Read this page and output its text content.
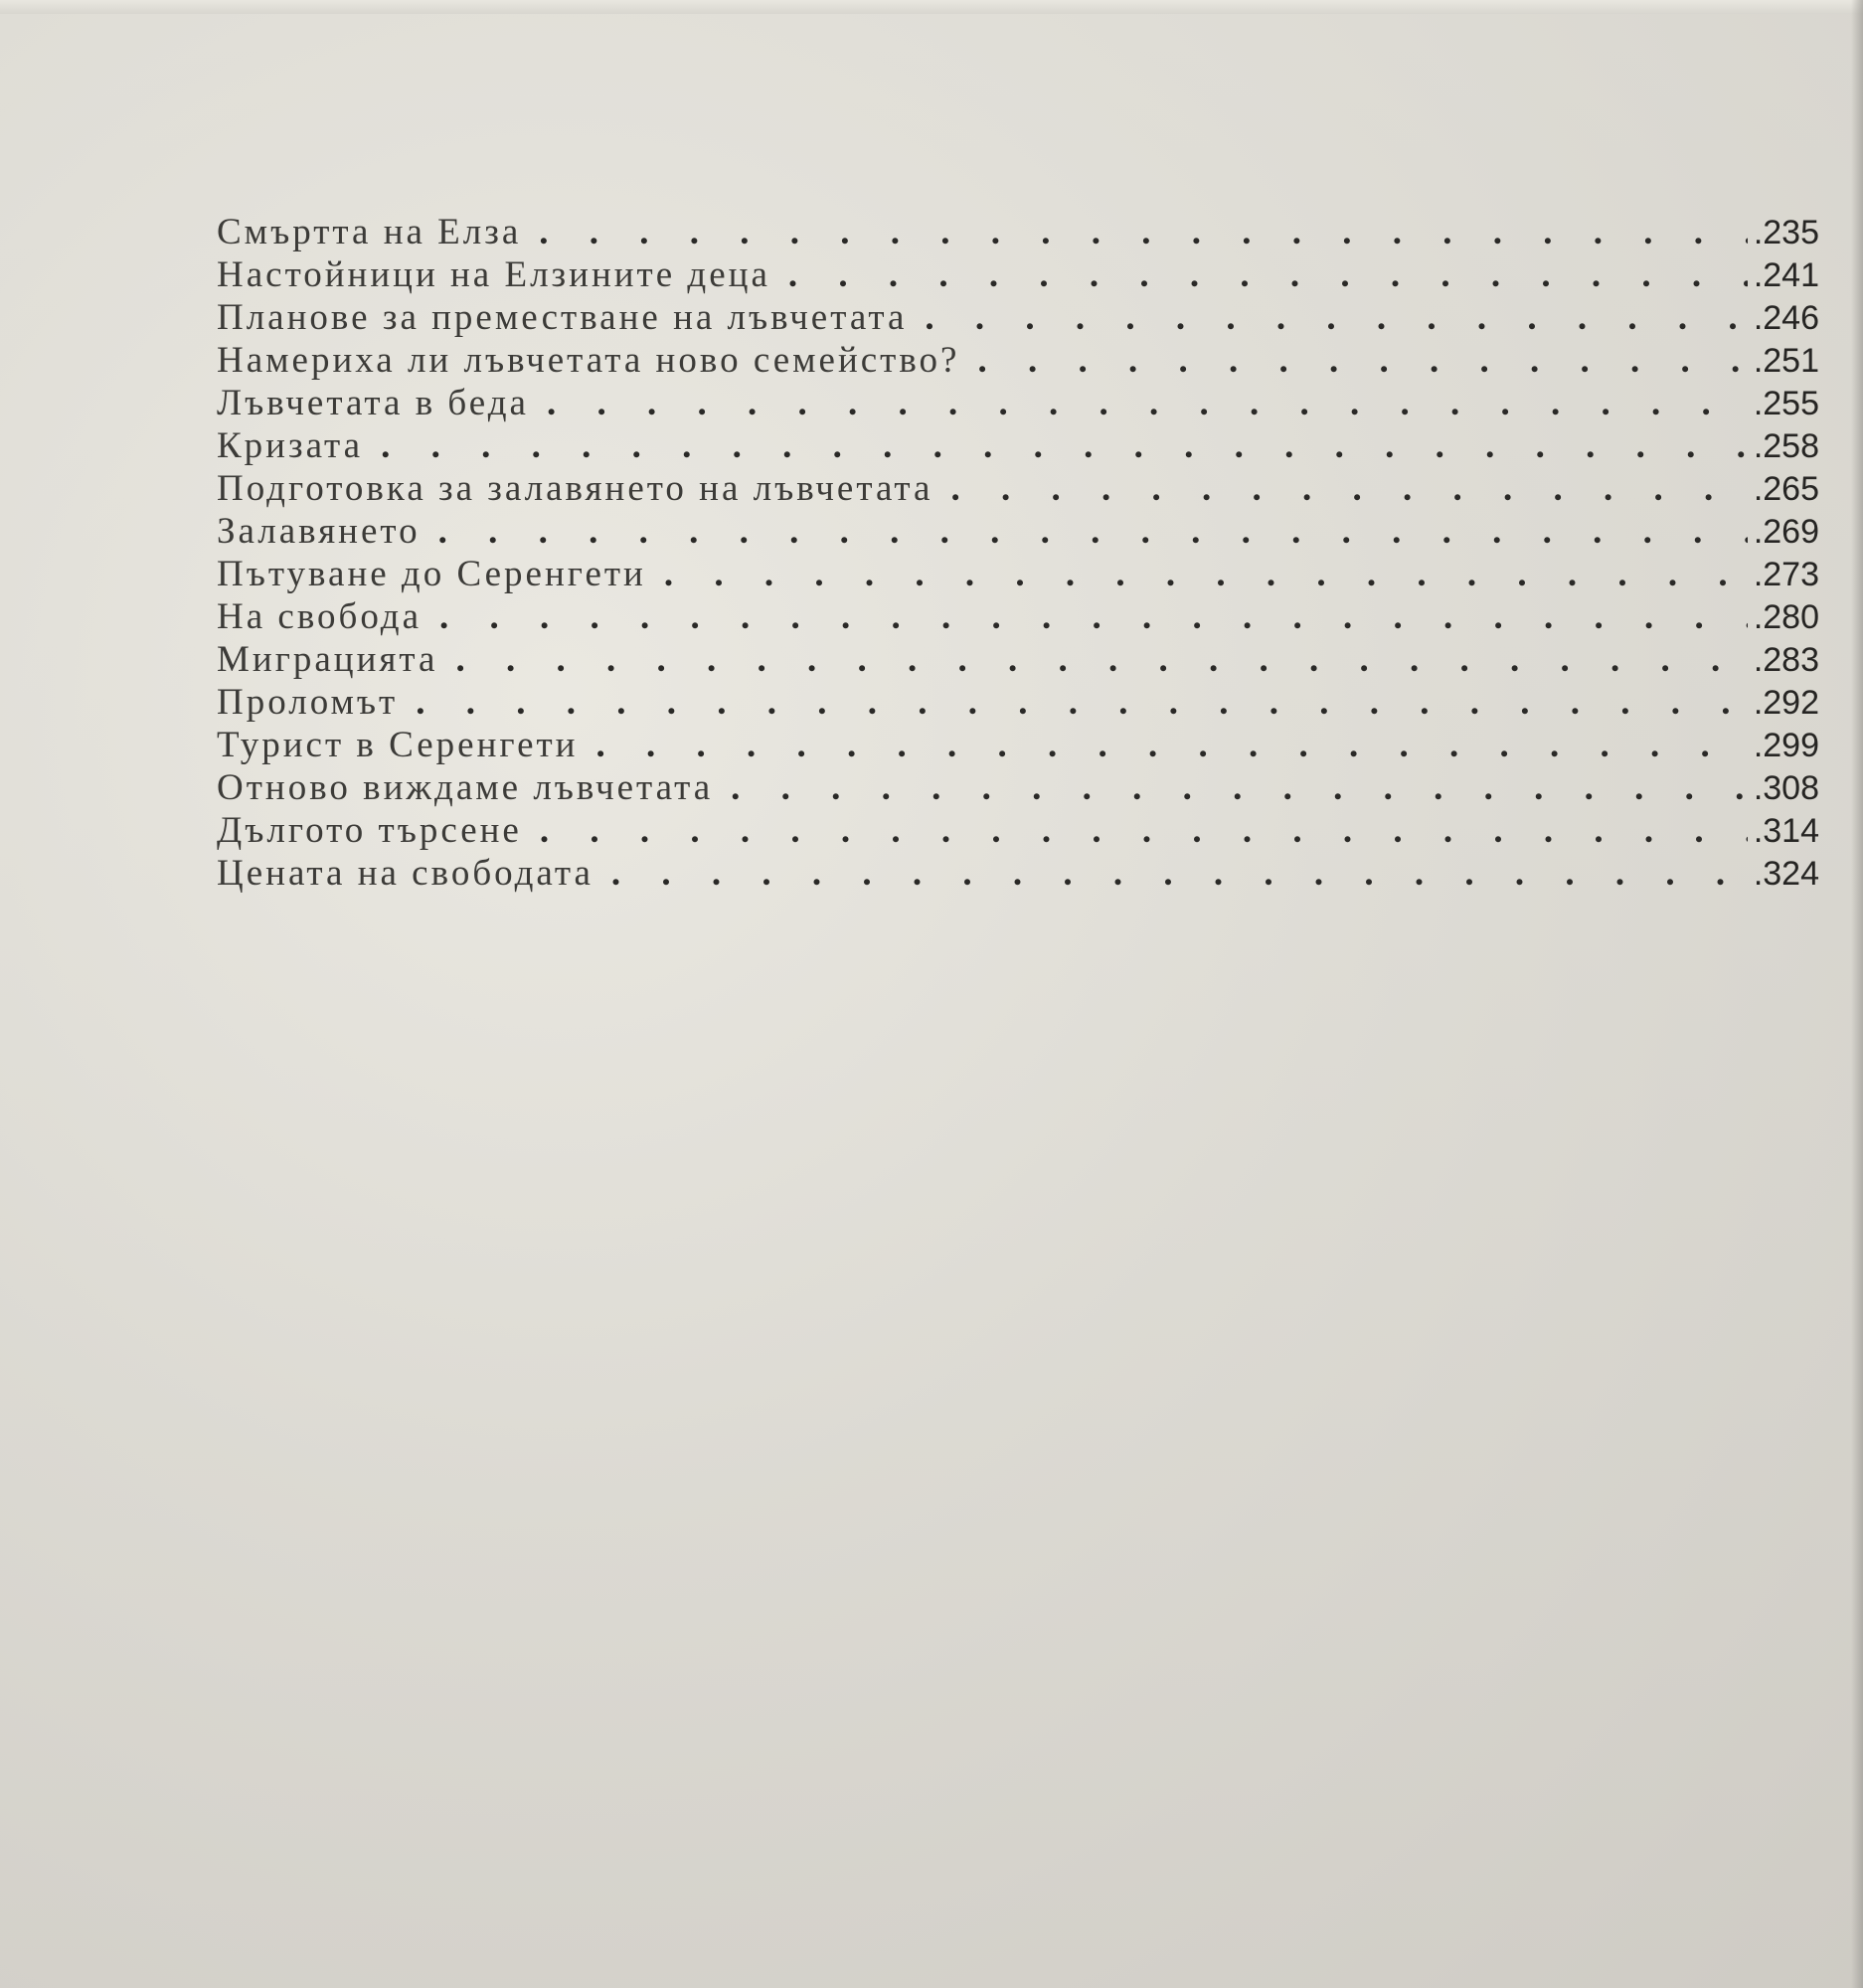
Смъртта на Елза . . .	.235
Настойници на Елзините деца . . .	.241
Планове за преместване на лъвчетата . . .	.246
Намериха ли лъвчетата ново семейство? . . .	.251
Лъвчетата в беда . . .	.255
Кризата . . .	.258
Подготовка за залавянето на лъвчетата . . .	.265
Залавянето . . .	.269
Пътуване до Серенгети . . .	.273
На свобода . . .	.280
Миграцията . . .	.283
Проломът . . .	.292
Турист в Серенгети . . .	.299
Отново виждаме лъвчетата . . .	.308
Дългото търсене . . .	.314
Цената на свободата . . .	.324
